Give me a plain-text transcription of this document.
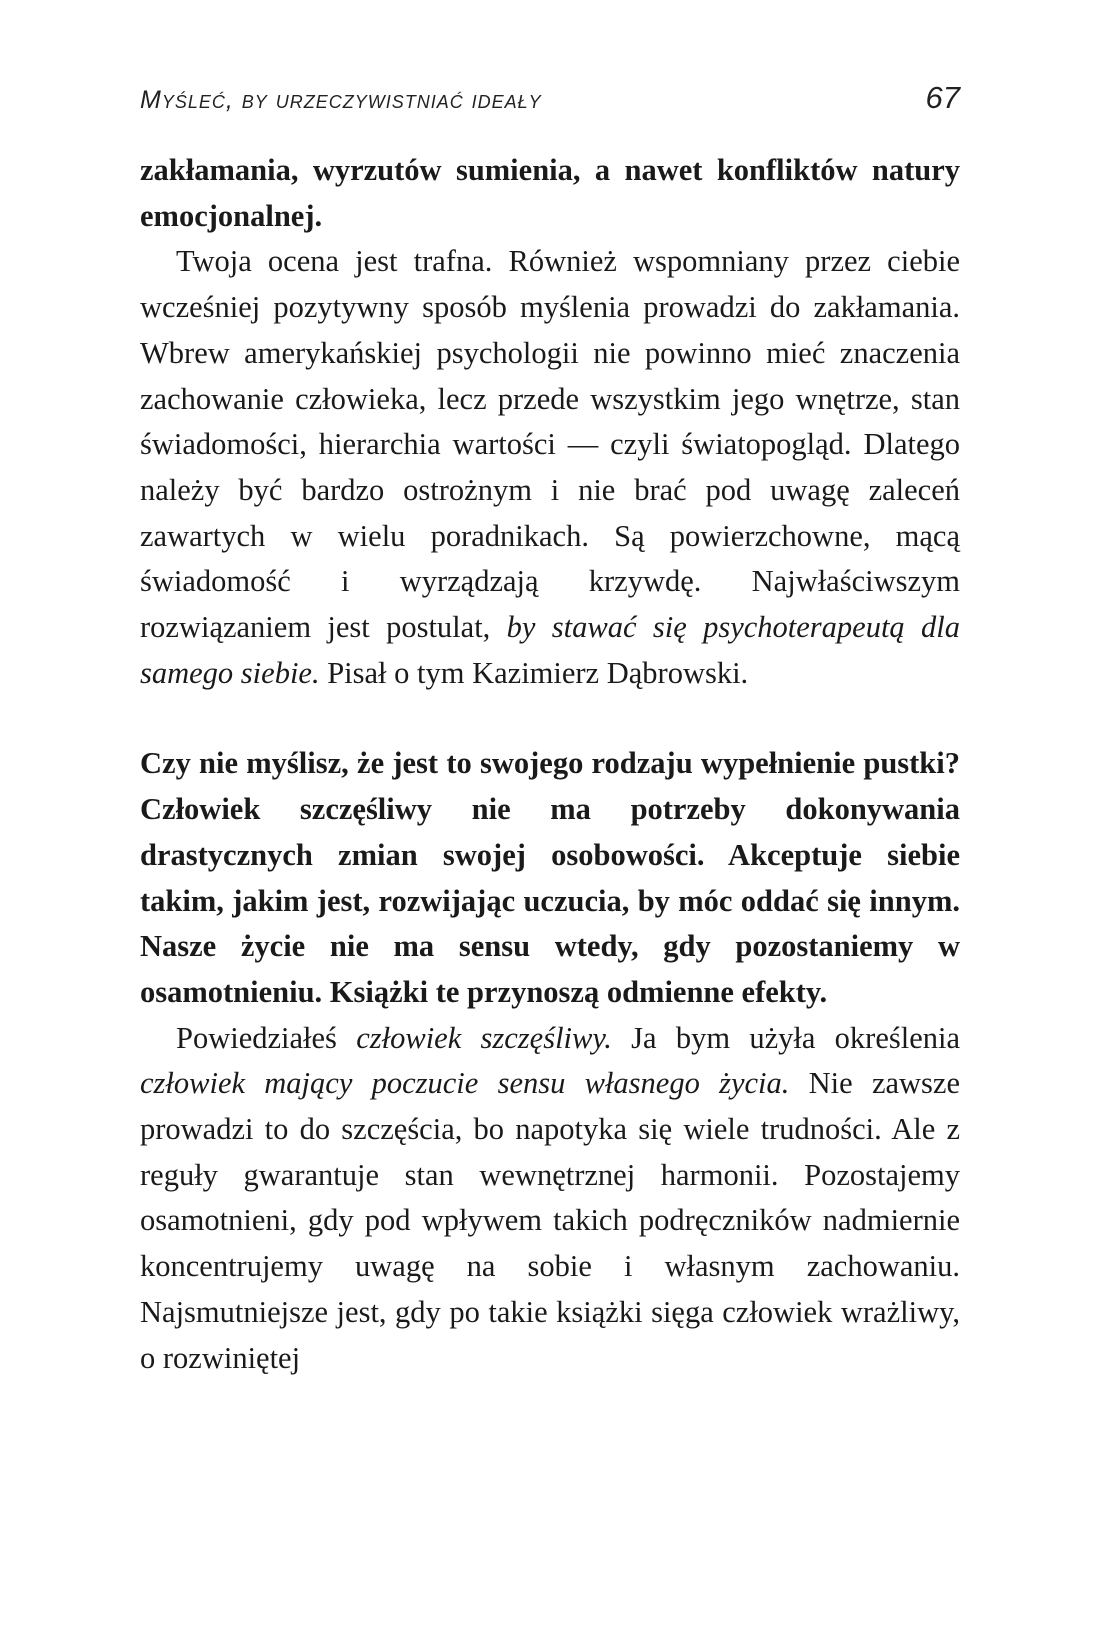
Myśleć, by urzeczywistniać ideały	67

zakłamania, wyrzutów sumienia, a nawet konfliktów natury emocjonalnej.

Twoja ocena jest trafna. Również wspomniany przez ciebie wcześniej pozytywny sposób myślenia prowadzi do zakłamania. Wbrew amerykańskiej psychologii nie powinno mieć znaczenia zachowanie człowieka, lecz przede wszystkim jego wnętrze, stan świadomości, hierarchia wartości — czyli światopogląd. Dlatego należy być bardzo ostrożnym i nie brać pod uwagę zaleceń zawartych w wielu poradnikach. Są powierzchowne, mącą świadomość i wyrządzają krzywdę. Najwłaściwszym rozwiązaniem jest postulat, by stawać się psychoterapeutą dla samego siebie. Pisał o tym Kazimierz Dąbrowski.

Czy nie myślisz, że jest to swojego rodzaju wypełnienie pustki? Człowiek szczęśliwy nie ma potrzeby dokonywania drastycznych zmian swojej osobowości. Akceptuje siebie takim, jakim jest, rozwijając uczucia, by móc oddać się innym. Nasze życie nie ma sensu wtedy, gdy pozostaniemy w osamotnieniu. Książki te przynoszą odmienne efekty.

Powiedziałeś człowiek szczęśliwy. Ja bym użyła określenia człowiek mający poczucie sensu własnego życia. Nie zawsze prowadzi to do szczęścia, bo napotyka się wiele trudności. Ale z reguły gwarantuje stan wewnętrznej harmonii. Pozostajemy osamotnieni, gdy pod wpływem takich podręczników nadmiernie koncentrujemy uwagę na sobie i własnym zachowaniu. Najsmutniejsze jest, gdy po takie książki sięga człowiek wrażliwy, o rozwiniętej
